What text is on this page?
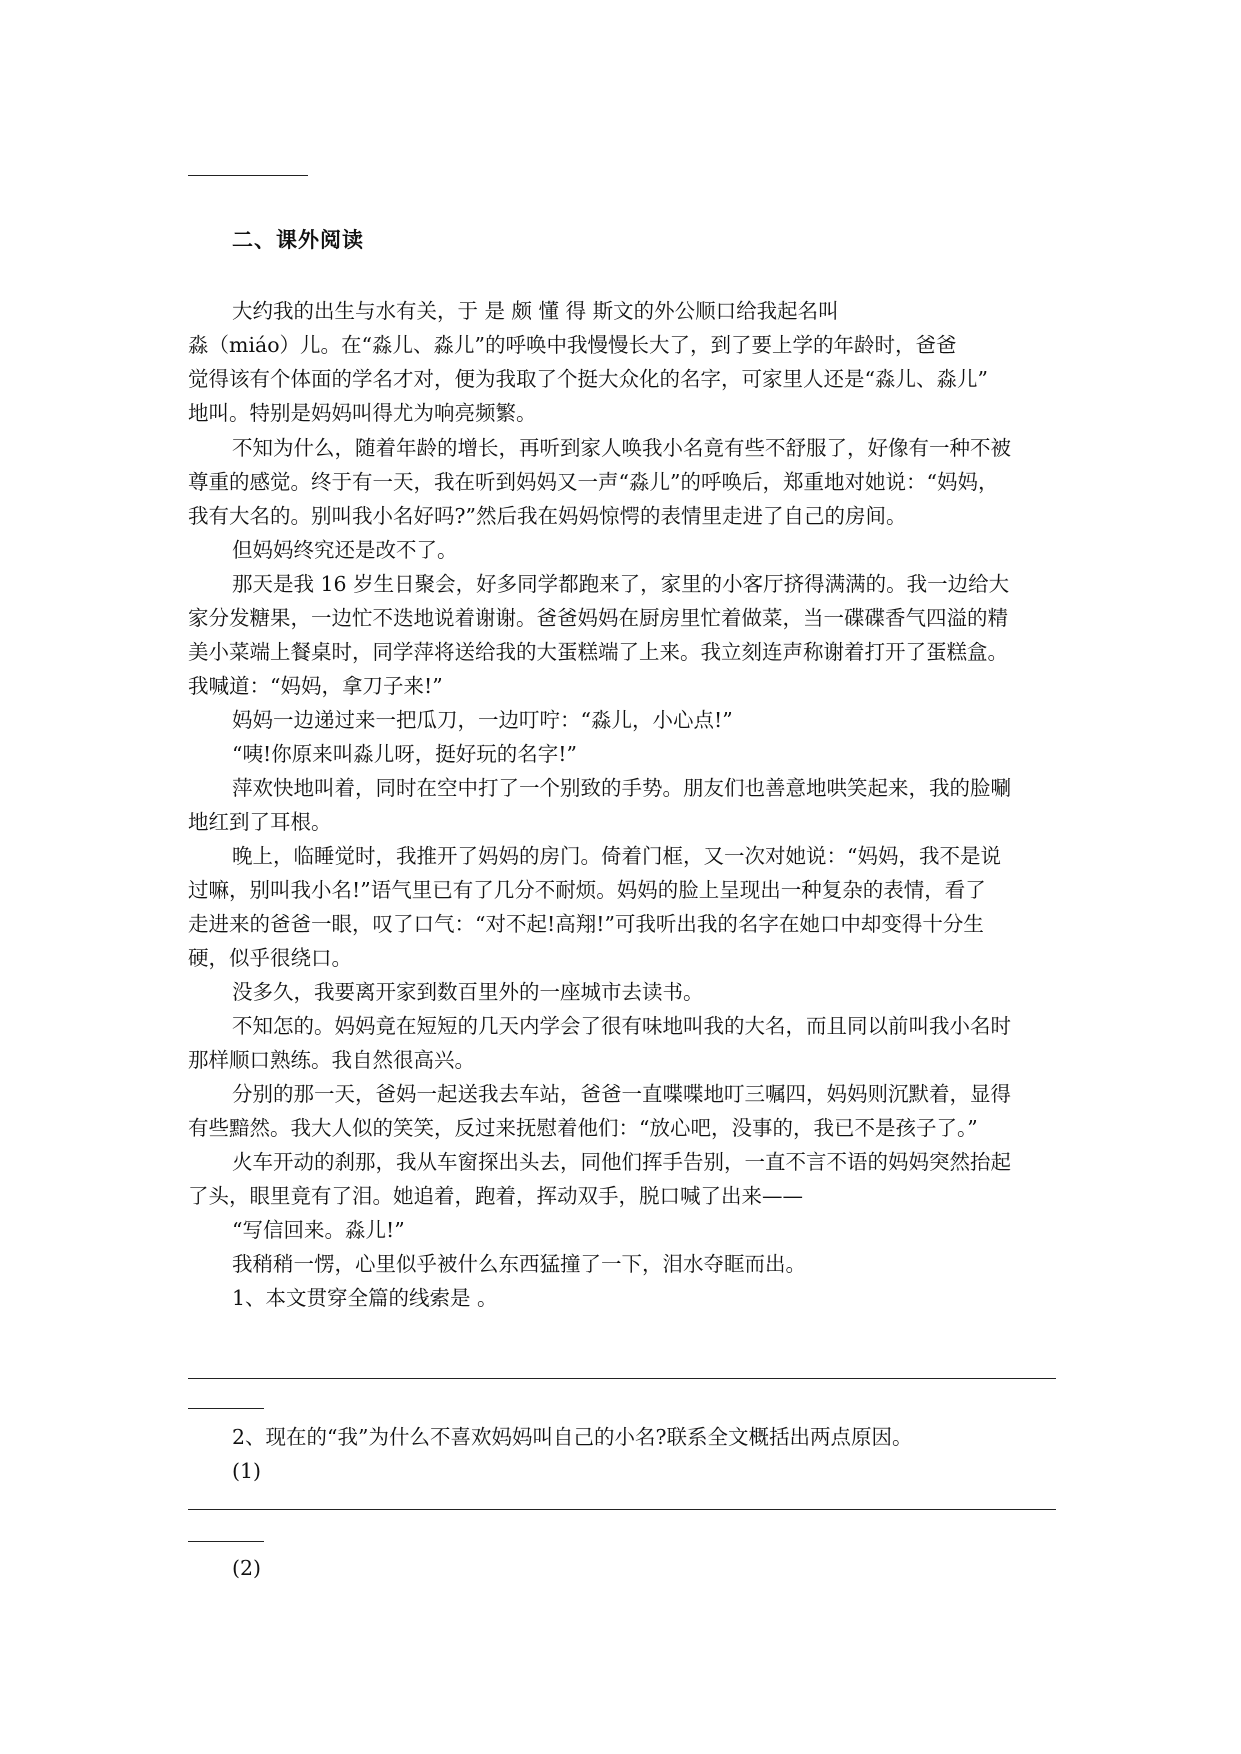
二、课外阅读
大约我的出生与水有关，于 是 颇 懂 得 斯文的外公顺口给我起名叫
淼（miáo）儿。在“淼儿、淼儿”的呼唤中我慢慢长大了，到了要上学的年龄时，爸爸
觉得该有个体面的学名才对，便为我取了个挺大众化的名字，可家里人还是“淼儿、淼儿”
地叫。特别是妈妈叫得尤为响亮频繁。
不知为什么，随着年龄的增长，再听到家人唤我小名竟有些不舒服了，好像有一种不被
尊重的感觉。终于有一天，我在听到妈妈又一声“淼儿”的呼唤后，郑重地对她说：“妈妈，
我有大名的。别叫我小名好吗?”然后我在妈妈惊愕的表情里走进了自己的房间。
但妈妈终究还是改不了。
那天是我 16 岁生日聚会，好多同学都跑来了，家里的小客厅挤得满满的。我一边给大
家分发糖果，一边忙不迭地说着谢谢。爸爸妈妈在厨房里忙着做菜，当一碟碟香气四溢的精
美小菜端上餐桌时，同学萍将送给我的大蛋糕端了上来。我立刻连声称谢着打开了蛋糕盒。
我喊道：“妈妈，拿刀子来!”
妈妈一边递过来一把瓜刀，一边叮咛：“淼儿，小心点!”
“咦!你原来叫淼儿呀，挺好玩的名字!”
萍欢快地叫着，同时在空中打了一个别致的手势。朋友们也善意地哄笑起来，我的脸唰
地红到了耳根。
晚上，临睡觉时，我推开了妈妈的房门。倚着门框，又一次对她说：“妈妈，我不是说
过嘛，别叫我小名!”语气里已有了几分不耐烦。妈妈的脸上呈现出一种复杂的表情，看了
走进来的爸爸一眼，叹了口气：“对不起!高翔!”可我听出我的名字在她口中却变得十分生
硬，似乎很绕口。
没多久，我要离开家到数百里外的一座城市去读书。
不知怎的。妈妈竟在短短的几天内学会了很有味地叫我的大名，而且同以前叫我小名时
那样顺口熟练。我自然很高兴。
分别的那一天，爸妈一起送我去车站，爸爸一直喋喋地叮三嘱四，妈妈则沉默着，显得
有些黯然。我大人似的笑笑，反过来抚慰着他们：“放心吧，没事的，我已不是孩子了。”
火车开动的刹那，我从车窗探出头去，同他们挥手告别，一直不言不语的妈妈突然抬起
了头，眼里竟有了泪。她追着，跑着，挥动双手，脱口喊了出来——
“写信回来。淼儿!”
我稍稍一愣，心里似乎被什么东西猛撞了一下，泪水夺眶而出。
1、本文贯穿全篇的线索是 。
2、现在的“我”为什么不喜欢妈妈叫自己的小名?联系全文概括出两点原因。
(1)
(2)
